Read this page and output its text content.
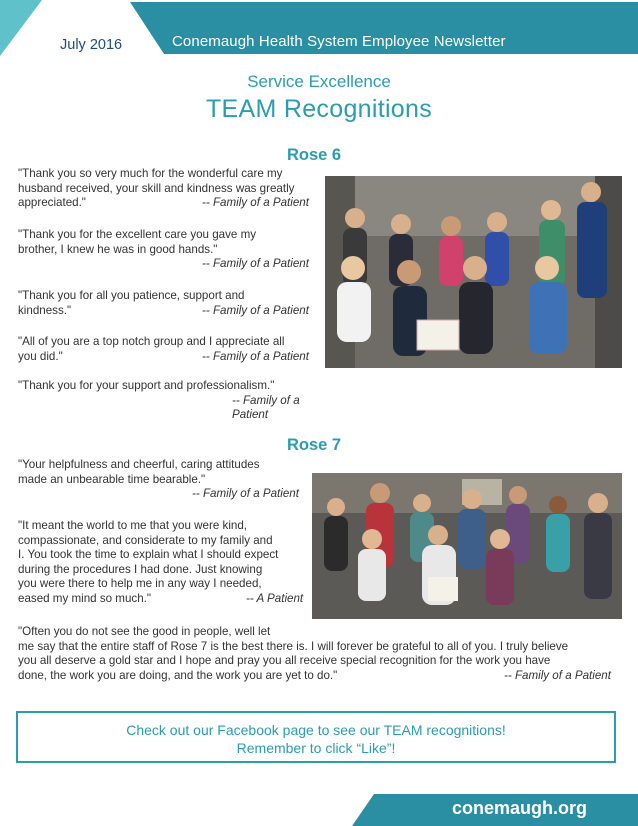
July 2016	Conemaugh Health System Employee Newsletter
Service Excellence
TEAM Recognitions
Rose 6
"Thank you so very much for the wonderful care my
husband received, your skill and kindness was greatly
appreciated."	-- Family of a Patient
"Thank you for the excellent care you gave my
brother, I knew he was in good hands."
-- Family of a Patient
"Thank you for all you patience, support and
kindness."	-- Family of a Patient
"All of you are a top notch group and I appreciate all
you did."	-- Family of a Patient
"Thank you for your support and professionalism."
-- Family of a Patient
Rose 7
"Your helpfulness and cheerful, caring attitudes
made an unbearable time bearable."
-- Family of a Patient
"It meant the world to me that you were kind,
compassionate, and considerate to my family and
I. You took the time to explain what I should expect
during the procedures I had done. Just knowing
you were there to help me in any way I needed,
eased my mind so much."	-- A Patient
"Often you do not see the good in people, well let
me say that the entire staff of Rose 7 is the best there is. I will forever be grateful to all of you. I truly believe
you all deserve a gold star and I hope and pray you all receive special recognition for the work you have
done, the work you are doing, and the work you are yet to do."	-- Family of a Patient
Check out our Facebook page to see our TEAM recognitions!
Remember to click “Like”!
conemaugh.org
